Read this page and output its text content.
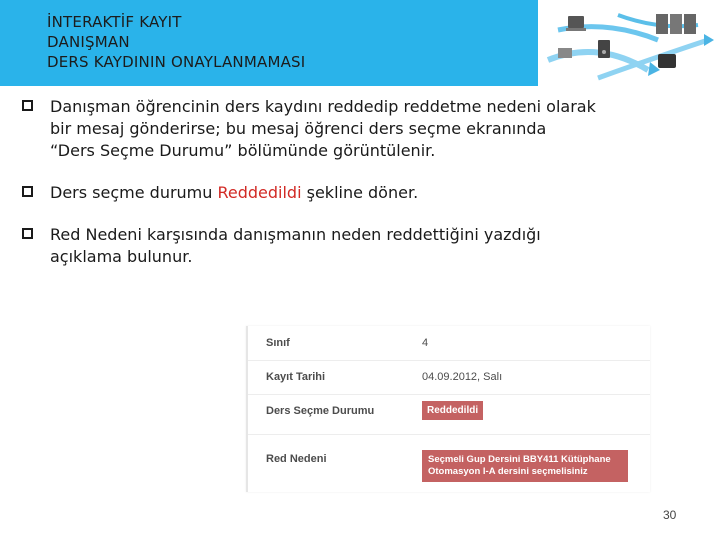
İNTERAKTİF KAYIT
DANIŞMAN
DERS KAYDININ ONAYLANMAMASI
Danışman öğrencinin ders kaydını reddedip reddetme nedeni olarak
bir mesaj gönderirse; bu mesaj öğrenci ders seçme ekranında
“Ders Seçme Durumu” bölümünde görüntülenir.
Ders seçme durumu Reddedildi şekline döner.
Red Nedeni karşısında danışmanın neden reddettiğini yazdığı
açıklama bulunur.
Sınıf	4
Kayıt Tarihi	04.09.2012, Salı
Ders Seçme Durumu	Reddedildi
Red Nedeni	Seçmeli Gup Dersini BBY411 Kütüphane Otomasyon I-A dersini seçmelisiniz
30
